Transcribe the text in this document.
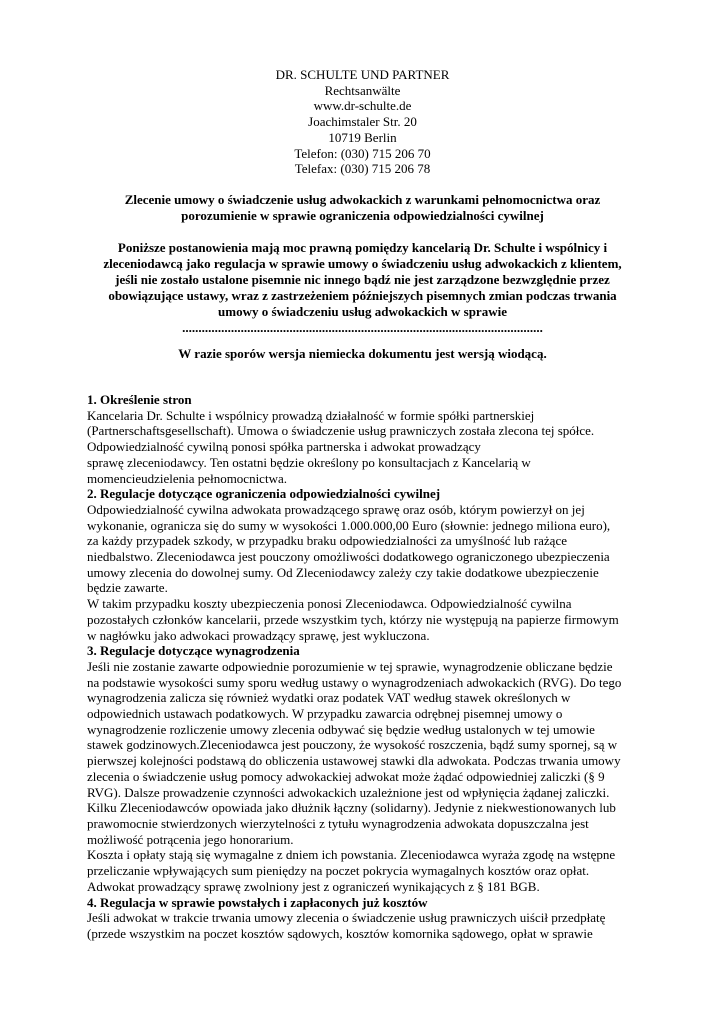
DR. SCHULTE UND PARTNER
Rechtsanwälte
www.dr-schulte.de
Joachimstaler Str. 20
10719 Berlin
Telefon: (030) 715 206 70
Telefax: (030) 715 206 78
Zlecenie umowy o świadczenie usług adwokackich z warunkami pełnomocnictwa oraz
porozumienie w sprawie ograniczenia odpowiedzialności cywilnej
Poniższe postanowienia mają moc prawną pomiędzy kancelarią Dr. Schulte i wspólnicy i
zleceniodawcą jako regulacja w sprawie umowy o świadczeniu usług adwokackich z klientem,
jeśli nie zostało ustalone pisemnie nic innego bądź nie jest zarządzone bezwzględnie przez
obowiązujące ustawy, wraz z zastrzeżeniem późniejszych pisemnych zmian podczas trwania
umowy o świadczeniu usług adwokackich w sprawie
...............................................................................................................
W razie sporów wersja niemiecka dokumentu jest wersją wiodącą.
1. Określenie stron
Kancelaria Dr. Schulte i wspólnicy prowadzą działalność w formie spółki partnerskiej
(Partnerschaftsgesellschaft). Umowa o świadczenie usług prawniczych została zlecona tej spółce.
Odpowiedzialność cywilną ponosi spółka partnerska i adwokat prowadzący
sprawę zleceniodawcy. Ten ostatni będzie określony po konsultacjach z Kancelarią w
momencieudzielenia pełnomocnictwa.
2. Regulacje dotyczące ograniczenia odpowiedzialności cywilnej
Odpowiedzialność cywilna adwokata prowadzącego sprawę oraz osób, którym powierzył on jej
wykonanie, ogranicza się do sumy w wysokości 1.000.000,00 Euro (słownie: jednego miliona euro),
za każdy przypadek szkody, w przypadku braku odpowiedzialności za umyślność lub rażące
niedbalstwo. Zleceniodawca jest pouczony omożliwości dodatkowego ograniczonego ubezpieczenia
umowy zlecenia do dowolnej sumy. Od Zleceniodawcy zależy czy takie dodatkowe ubezpieczenie
będzie zawarte.
W takim przypadku koszty ubezpieczenia ponosi Zleceniodawca. Odpowiedzialność cywilna
pozostałych członków kancelarii, przede wszystkim tych, którzy nie występują na papierze firmowym
w nagłówku jako adwokaci prowadzący sprawę, jest wykluczona.
3. Regulacje dotyczące wynagrodzenia
Jeśli nie zostanie zawarte odpowiednie porozumienie w tej sprawie, wynagrodzenie obliczane będzie
na podstawie wysokości sumy sporu według ustawy o wynagrodzeniach adwokackich (RVG). Do tego
wynagrodzenia zalicza się również wydatki oraz podatek VAT według stawek określonych w
odpowiednich ustawach podatkowych. W przypadku zawarcia odrębnej pisemnej umowy o
wynagrodzenie rozliczenie umowy zlecenia odbywać się będzie według ustalonych w tej umowie
stawek godzinowych.Zleceniodawca jest pouczony, że wysokość roszczenia, bądź sumy spornej, są w
pierwszej kolejności podstawą do obliczenia ustawowej stawki dla adwokata. Podczas trwania umowy
zlecenia o świadczenie usług pomocy adwokackiej adwokat może żądać odpowiedniej zaliczki (§ 9
RVG). Dalsze prowadzenie czynności adwokackich uzależnione jest od wpłynięcia żądanej zaliczki.
Kilku Zleceniodawców opowiada jako dłużnik łączny (solidarny). Jedynie z niekwestionowanych lub
prawomocnie stwierdzonych wierzytelności z tytułu wynagrodzenia adwokata dopuszczalna jest
możliwość potrącenia jego honorarium.
Koszta i opłaty stają się wymagalne z dniem ich powstania. Zleceniodawca wyraża zgodę na wstępne
przeliczanie wpływających sum pieniędzy na poczet pokrycia wymagalnych kosztów oraz opłat.
Adwokat prowadzący sprawę zwolniony jest z ograniczeń wynikających z § 181 BGB.
4. Regulacja w sprawie powstałych i zapłaconych już kosztów
Jeśli adwokat w trakcie trwania umowy zlecenia o świadczenie usług prawniczych uiścił przedpłatę
(przede wszystkim na poczet kosztów sądowych, kosztów komornika sądowego, opłat w sprawie
